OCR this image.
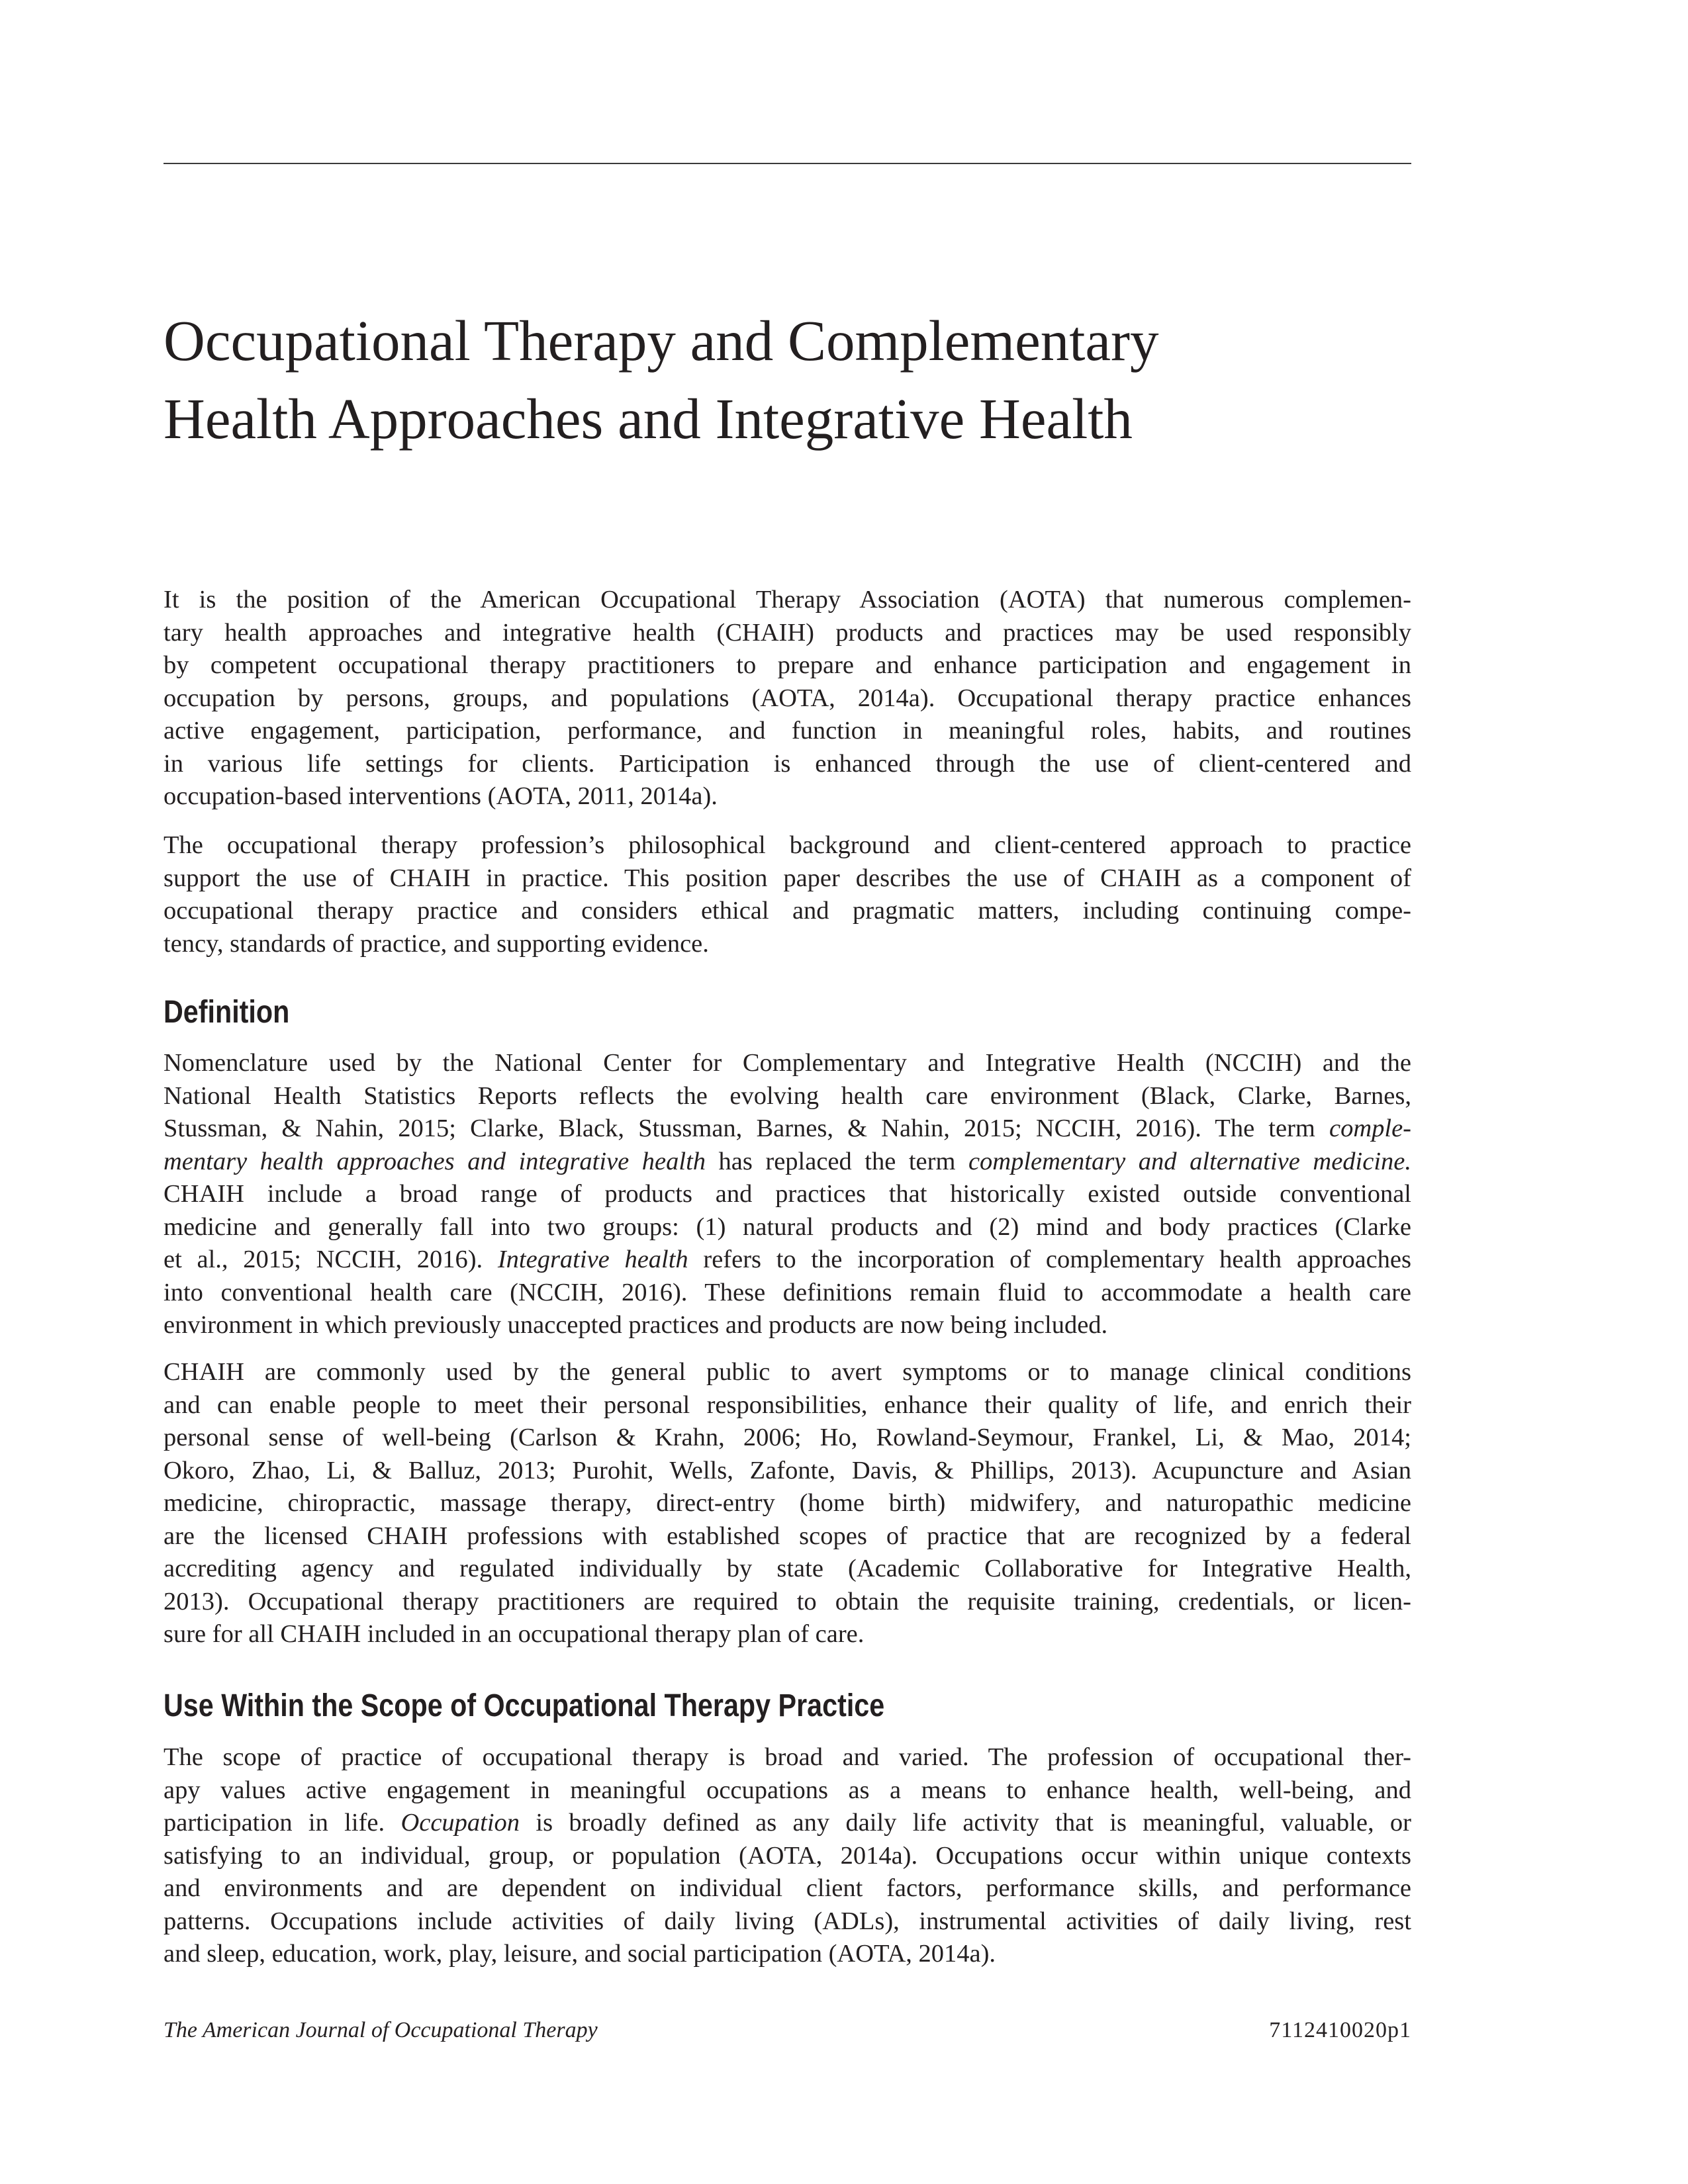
Occupational Therapy and Complementary
Health Approaches and Integrative Health

It is the position of the American Occupational Therapy Association (AOTA) that numerous complemen-
tary health approaches and integrative health (CHAIH) products and practices may be used responsibly
by competent occupational therapy practitioners to prepare and enhance participation and engagement in
occupation by persons, groups, and populations (AOTA, 2014a). Occupational therapy practice enhances
active engagement, participation, performance, and function in meaningful roles, habits, and routines
in various life settings for clients. Participation is enhanced through the use of client-centered and
occupation-based interventions (AOTA, 2011, 2014a).

The occupational therapy profession’s philosophical background and client-centered approach to practice
support the use of CHAIH in practice. This position paper describes the use of CHAIH as a component of
occupational therapy practice and considers ethical and pragmatic matters, including continuing compe-
tency, standards of practice, and supporting evidence.

Definition

Nomenclature used by the National Center for Complementary and Integrative Health (NCCIH) and the
National Health Statistics Reports reflects the evolving health care environment (Black, Clarke, Barnes,
Stussman, & Nahin, 2015; Clarke, Black, Stussman, Barnes, & Nahin, 2015; NCCIH, 2016). The term comple-
mentary health approaches and integrative health has replaced the term complementary and alternative medicine.
CHAIH include a broad range of products and practices that historically existed outside conventional
medicine and generally fall into two groups: (1) natural products and (2) mind and body practices (Clarke
et al., 2015; NCCIH, 2016). Integrative health refers to the incorporation of complementary health approaches
into conventional health care (NCCIH, 2016). These definitions remain fluid to accommodate a health care
environment in which previously unaccepted practices and products are now being included.

CHAIH are commonly used by the general public to avert symptoms or to manage clinical conditions
and can enable people to meet their personal responsibilities, enhance their quality of life, and enrich their
personal sense of well-being (Carlson & Krahn, 2006; Ho, Rowland-Seymour, Frankel, Li, & Mao, 2014;
Okoro, Zhao, Li, & Balluz, 2013; Purohit, Wells, Zafonte, Davis, & Phillips, 2013). Acupuncture and Asian
medicine, chiropractic, massage therapy, direct-entry (home birth) midwifery, and naturopathic medicine
are the licensed CHAIH professions with established scopes of practice that are recognized by a federal
accrediting agency and regulated individually by state (Academic Collaborative for Integrative Health,
2013). Occupational therapy practitioners are required to obtain the requisite training, credentials, or licen-
sure for all CHAIH included in an occupational therapy plan of care.

Use Within the Scope of Occupational Therapy Practice

The scope of practice of occupational therapy is broad and varied. The profession of occupational ther-
apy values active engagement in meaningful occupations as a means to enhance health, well-being, and
participation in life. Occupation is broadly defined as any daily life activity that is meaningful, valuable, or
satisfying to an individual, group, or population (AOTA, 2014a). Occupations occur within unique contexts
and environments and are dependent on individual client factors, performance skills, and performance
patterns. Occupations include activities of daily living (ADLs), instrumental activities of daily living, rest
and sleep, education, work, play, leisure, and social participation (AOTA, 2014a).

The American Journal of Occupational Therapy	7112410020p1
